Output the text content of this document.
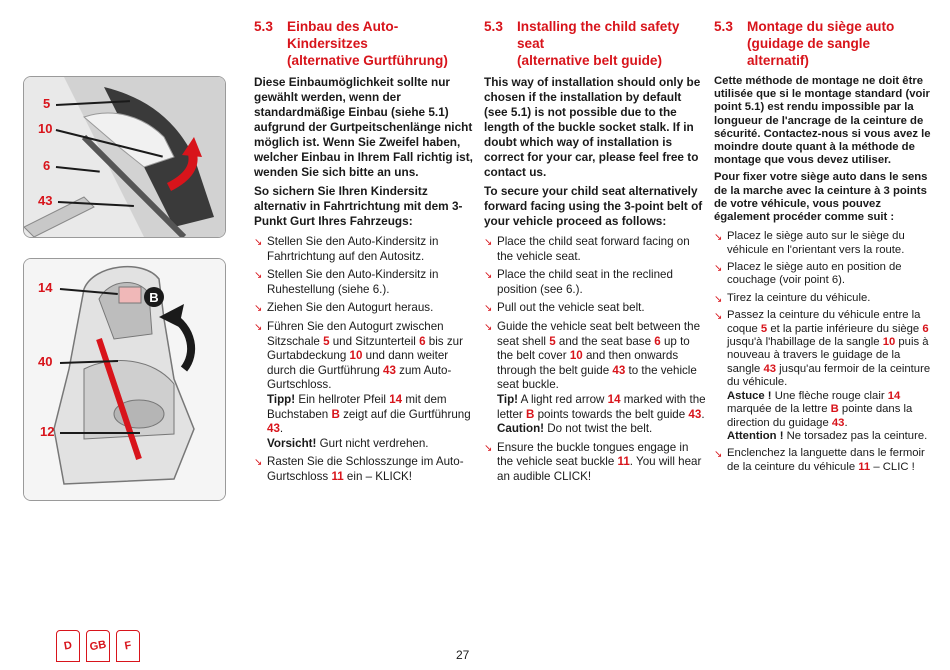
5
10
6
43
B
14
40
12
5.3	Einbau des Auto-
Kindersitzes
(alternative Gurtführung)

Diese Einbaumöglichkeit sollte nur gewählt werden, wenn der standardmäßige Einbau (siehe 5.1) aufgrund der Gurtpeitschenlänge nicht möglich ist. Wenn Sie Zweifel haben, welcher Einbau in Ihrem Fall richtig ist, wenden Sie sich bitte an uns.

So sichern Sie Ihren Kindersitz alternativ in Fahrtrichtung mit dem 3-Punkt Gurt Ihres Fahrzeugs:

↘ Stellen Sie den Auto-Kindersitz in Fahrtrichtung auf den Autositz.
↘ Stellen Sie den Auto-Kindersitz in Ruhestellung (siehe 6.).
↘ Ziehen Sie den Autogurt heraus.
↘ Führen Sie den Autogurt zwischen Sitzschale 5 und Sitzunterteil 6 bis zur Gurtabdeckung 10 und dann weiter durch die Gurtführung 43 zum Auto-Gurtschloss.
Tipp! Ein hellroter Pfeil 14 mit dem Buchstaben B zeigt auf die Gurtführung 43.
Vorsicht! Gurt nicht verdrehen.
↘ Rasten Sie die Schlosszunge im Auto-Gurtschloss 11 ein – KLICK!
5.3	Installing the child safety
seat
(alternative belt guide)

This way of installation should only be chosen if the installation by default (see 5.1) is not possible due to the length of the buckle socket stalk. If in doubt which way of installation is correct for your car, please feel free to contact us.

To secure your child seat alternatively forward facing using the 3-point belt of your vehicle proceed as follows:

↘ Place the child seat forward facing on the vehicle seat.
↘ Place the child seat in the reclined position (see 6.).
↘ Pull out the vehicle seat belt.
↘ Guide the vehicle seat belt between the seat shell 5 and the seat base 6 up to the belt cover 10 and then onwards through the belt guide 43 to the vehicle seat buckle.
Tip! A light red arrow 14 marked with the letter B points towards the belt guide 43.
Caution! Do not twist the belt.
↘ Ensure the buckle tongues engage in the vehicle seat buckle 11. You will hear an audible CLICK!
5.3	Montage du siège auto
(guidage de sangle
alternatif)

Cette méthode de montage ne doit être utilisée que si le montage standard (voir point 5.1) est rendu impossible par la longueur de l'ancrage de la ceinture de sécurité. Contactez-nous si vous avez le moindre doute quant à la méthode de montage que vous devez utiliser.

Pour fixer votre siège auto dans le sens de la marche avec la ceinture à 3 points de votre véhicule, vous pouvez également procéder comme suit :

↘ Placez le siège auto sur le siège du véhicule en l'orientant vers la route.
↘ Placez le siège auto en position de couchage (voir point 6).
↘ Tirez la ceinture du véhicule.
↘ Passez la ceinture du véhicule entre la coque 5 et la partie inférieure du siège 6 jusqu'à l'habillage de la sangle 10 puis à nouveau à travers le guidage de la sangle 43 jusqu'au fermoir de la ceinture du véhicule.
Astuce ! Une flèche rouge clair 14 marquée de la lettre B pointe dans la direction du guidage 43.
Attention ! Ne torsadez pas la ceinture.
↘ Enclenchez la languette dans le fermoir de la ceinture du véhicule 11 – CLIC !
D	GB	F
27
